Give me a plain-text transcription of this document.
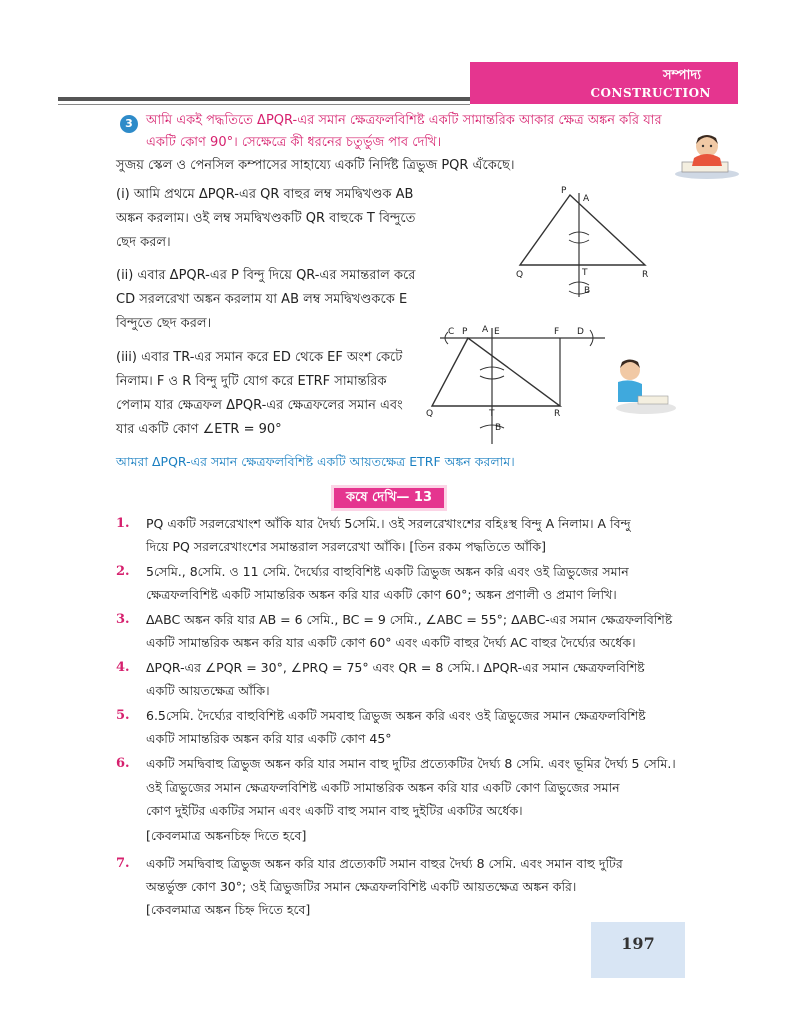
সম্পাদ্য
CONSTRUCTION
3	আমি একই পদ্ধতিতে ΔPQR-এর সমান ক্ষেত্রফলবিশিষ্ট একটি সামান্তরিক আকার ক্ষেত্র অঙ্কন করি যার একটি কোণ 90°। সেক্ষেত্রে কী ধরনের চতুর্ভুজ পাব দেখি।
সুজয় স্কেল ও পেনসিল কম্পাসের সাহায্যে একটি নির্দিষ্ট ত্রিভুজ PQR এঁকেছে।
(i) আমি প্রথমে ΔPQR-এর QR বাহুর লম্ব সমদ্বিখণ্ডক AB অঙ্কন করলাম। ওই লম্ব সমদ্বিখণ্ডকটি QR বাহুকে T বিন্দুতে ছেদ করল।
(ii) এবার ΔPQR-এর P বিন্দু দিয়ে QR-এর সমান্তরাল করে CD সরলরেখা অঙ্কন করলাম যা AB লম্ব সমদ্বিখণ্ডককে E বিন্দুতে ছেদ করল।
(iii) এবার TR-এর সমান করে ED থেকে EF অংশ কেটে নিলাম। F ও R বিন্দু দুটি যোগ করে ETRF সামান্তরিক পেলাম যার ক্ষেত্রফল ΔPQR-এর ক্ষেত্রফলের সমান এবং যার একটি কোণ ∠ETR = 90°
P
A
Q	T	R
B
C P A E	F D
Q	T	R
B
আমরা ΔPQR-এর সমান ক্ষেত্রফলবিশিষ্ট একটি আয়তক্ষেত্র ETRF অঙ্কন করলাম।
কষে দেখি— 13
1. PQ একটি সরলরেখাংশ আঁকি যার দৈর্ঘ্য 5সেমি.। ওই সরলরেখাংশের বহিঃস্থ বিন্দু A নিলাম। A বিন্দু
দিয়ে PQ সরলরেখাংশের সমান্তরাল সরলরেখা আঁকি। [তিন রকম পদ্ধতিতে আঁকি]
2. 5সেমি., 8সেমি. ও 11 সেমি. দৈর্ঘ্যের বাহুবিশিষ্ট একটি ত্রিভুজ অঙ্কন করি এবং ওই ত্রিভুজের সমান
ক্ষেত্রফলবিশিষ্ট একটি সামান্তরিক অঙ্কন করি যার একটি কোণ 60°; অঙ্কন প্রণালী ও প্রমাণ লিখি।
3. ΔABC অঙ্কন করি যার AB = 6 সেমি., BC = 9 সেমি., ∠ABC = 55°; ΔABC-এর সমান ক্ষেত্রফলবিশিষ্ট
একটি সামান্তরিক অঙ্কন করি যার একটি কোণ 60° এবং একটি বাহুর দৈর্ঘ্য AC বাহুর দৈর্ঘ্যের অর্ধেক।
4. ΔPQR-এর ∠PQR = 30°, ∠PRQ = 75° এবং QR = 8 সেমি.। ΔPQR-এর সমান ক্ষেত্রফলবিশিষ্ট
একটি আয়তক্ষেত্র আঁকি।
5. 6.5সেমি. দৈর্ঘ্যের বাহুবিশিষ্ট একটি সমবাহু ত্রিভুজ অঙ্কন করি এবং ওই ত্রিভুজের সমান ক্ষেত্রফলবিশিষ্ট
একটি সামান্তরিক অঙ্কন করি যার একটি কোণ 45°
6. একটি সমদ্বিবাহু ত্রিভুজ অঙ্কন করি যার সমান বাহু দুটির প্রত্যেকটির দৈর্ঘ্য 8 সেমি. এবং ভূমির দৈর্ঘ্য 5 সেমি.।
ওই ত্রিভুজের সমান ক্ষেত্রফলবিশিষ্ট একটি সামান্তরিক অঙ্কন করি যার একটি কোণ ত্রিভুজের সমান
কোণ দুইটির একটির সমান এবং একটি বাহু সমান বাহু দুইটির একটির অর্ধেক।
[কেবলমাত্র অঙ্কনচিহ্ন দিতে হবে]
7. একটি সমদ্বিবাহু ত্রিভুজ অঙ্কন করি যার প্রত্যেকটি সমান বাহুর দৈর্ঘ্য 8 সেমি. এবং সমান বাহু দুটির
অন্তর্ভুক্ত কোণ 30°; ওই ত্রিভুজটির সমান ক্ষেত্রফলবিশিষ্ট একটি আয়তক্ষেত্র অঙ্কন করি।
[কেবলমাত্র অঙ্কন চিহ্ন দিতে হবে]
197
